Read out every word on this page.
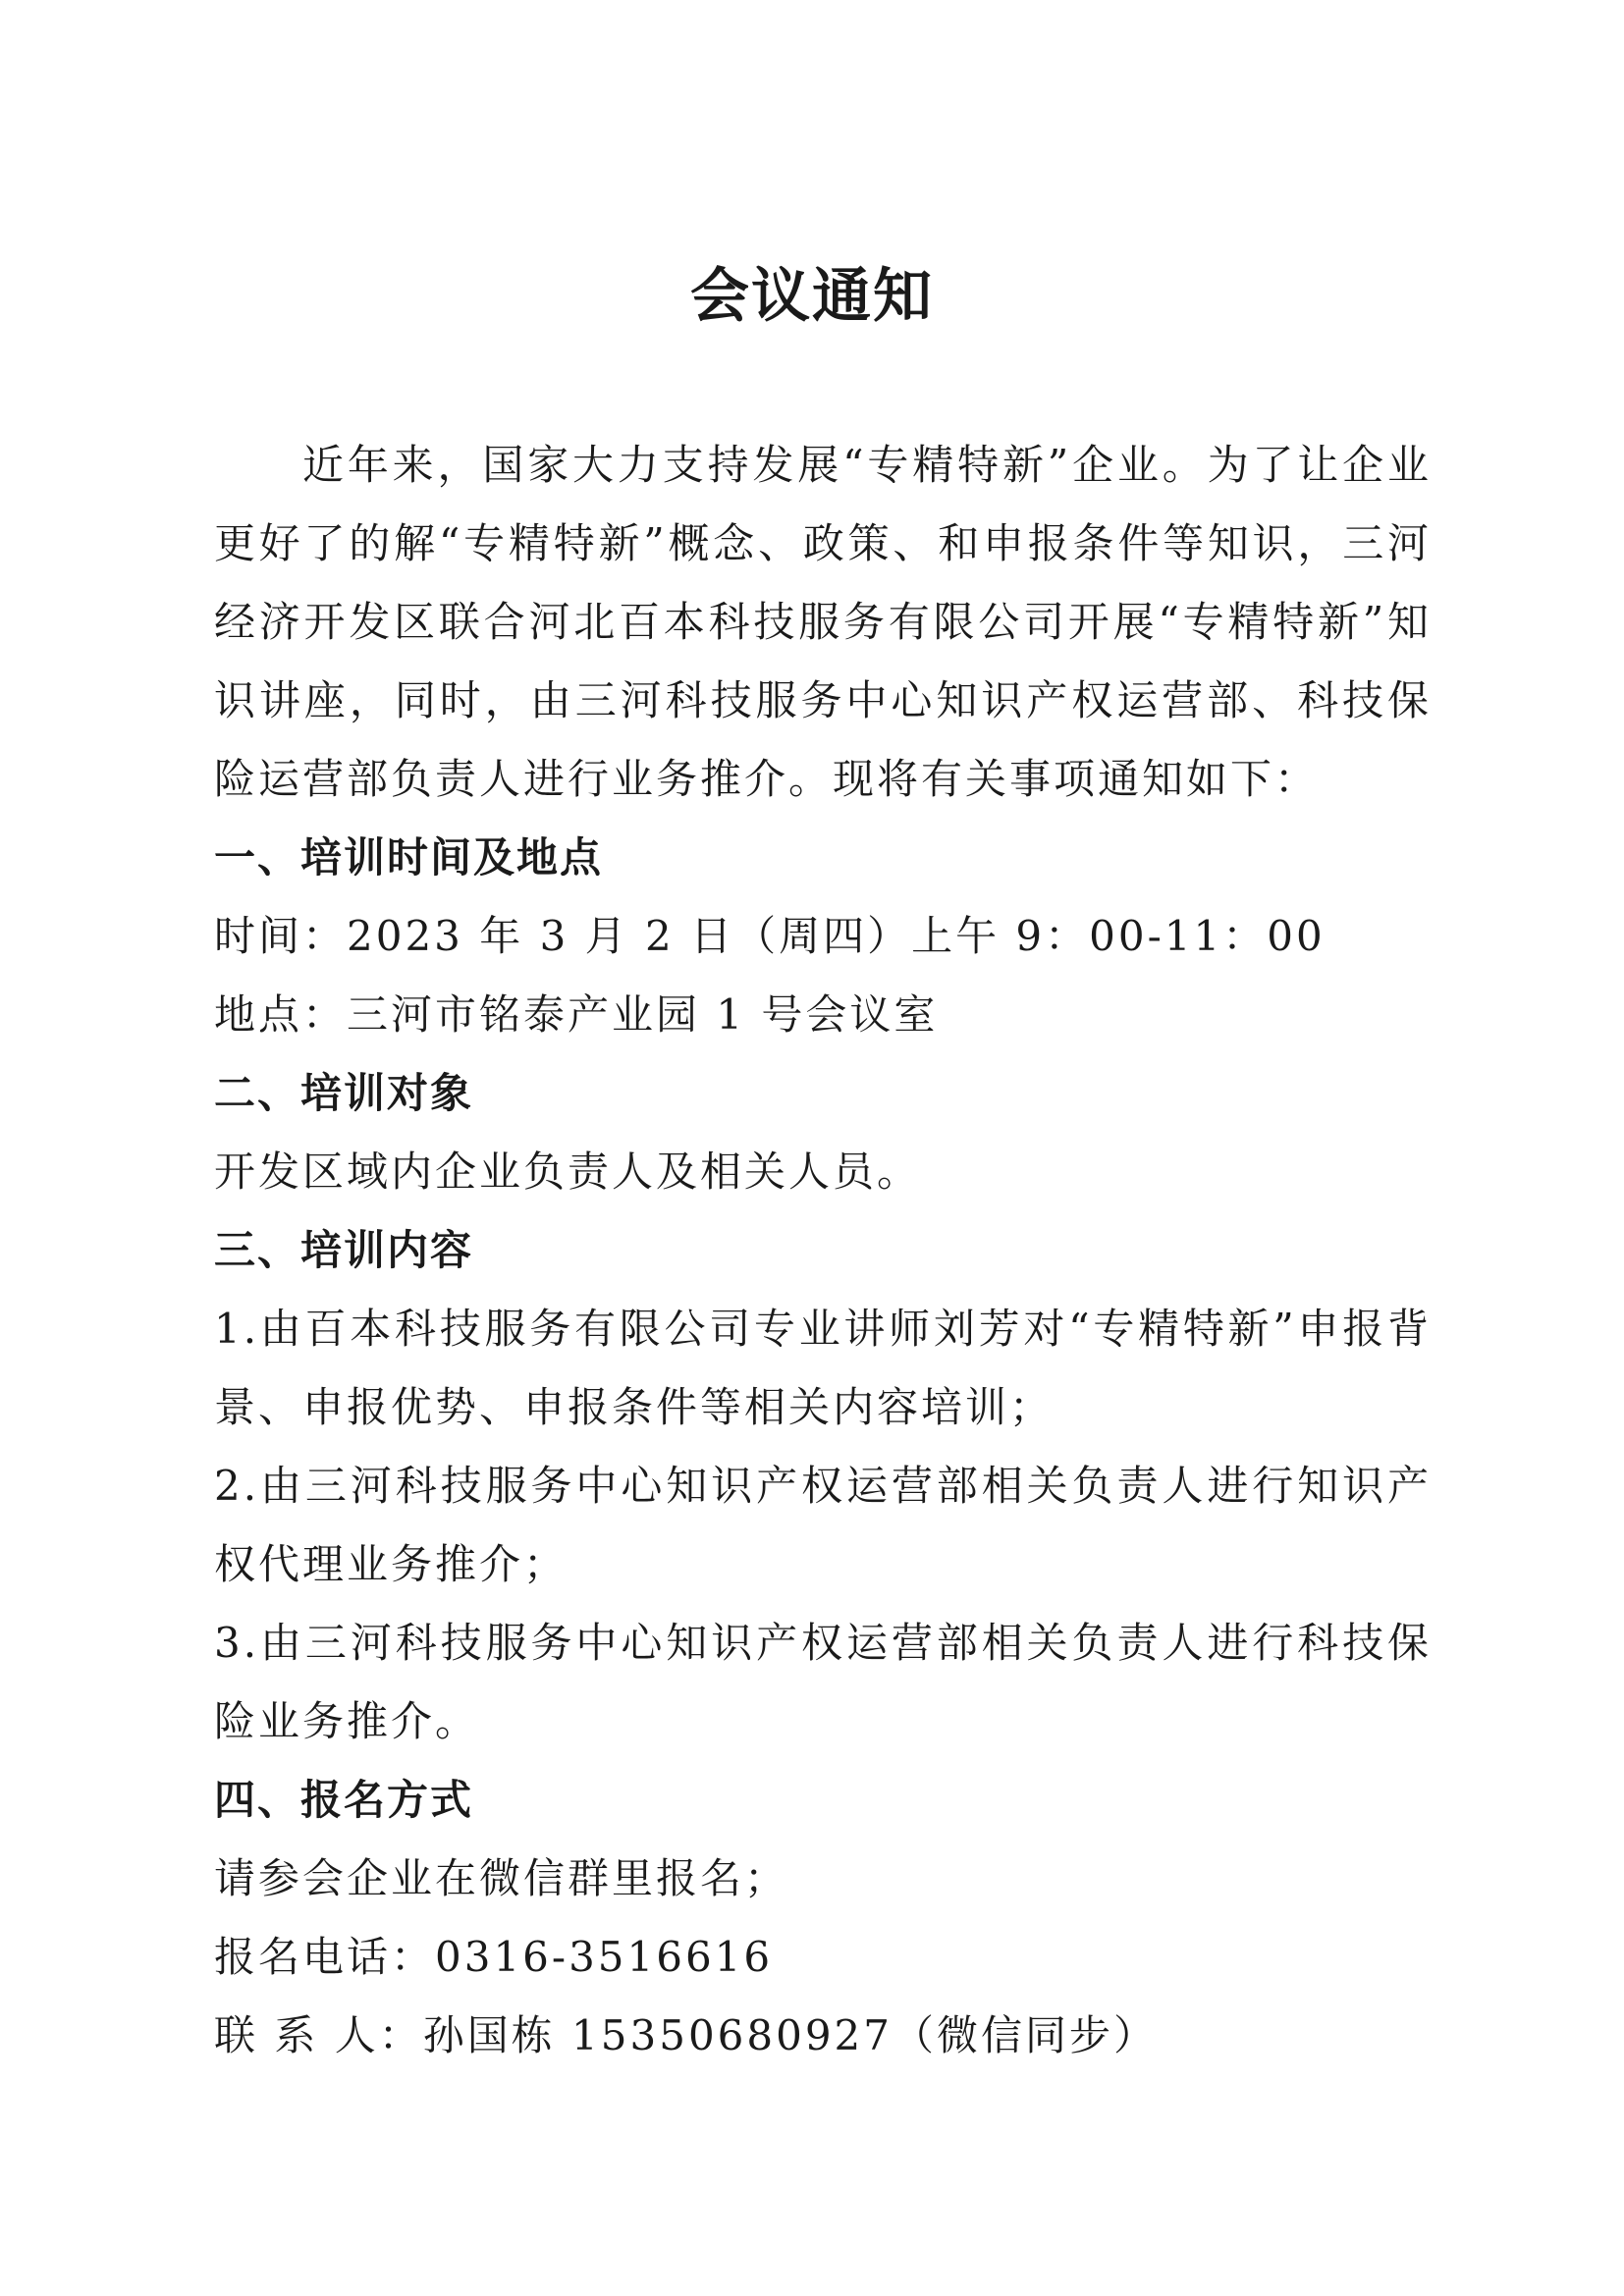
会议通知

近年来，国家大力支持发展“专精特新”企业。为了让企业更好了的解“专精特新”概念、政策、和申报条件等知识，三河经济开发区联合河北百本科技服务有限公司开展“专精特新”知识讲座，同时，由三河科技服务中心知识产权运营部、科技保险运营部负责人进行业务推介。现将有关事项通知如下：

一、培训时间及地点

时间：2023 年 3 月 2 日（周四）上午 9：00-11：00

地点：三河市铭泰产业园 1 号会议室

二、培训对象

开发区域内企业负责人及相关人员。

三、培训内容

1.由百本科技服务有限公司专业讲师刘芳对“专精特新”申报背景、申报优势、申报条件等相关内容培训；

2.由三河科技服务中心知识产权运营部相关负责人进行知识产权代理业务推介；

3.由三河科技服务中心知识产权运营部相关负责人进行科技保险业务推介。

四、报名方式

请参会企业在微信群里报名；

报名电话：0316-3516616

联 系 人：孙国栋 15350680927（微信同步）
